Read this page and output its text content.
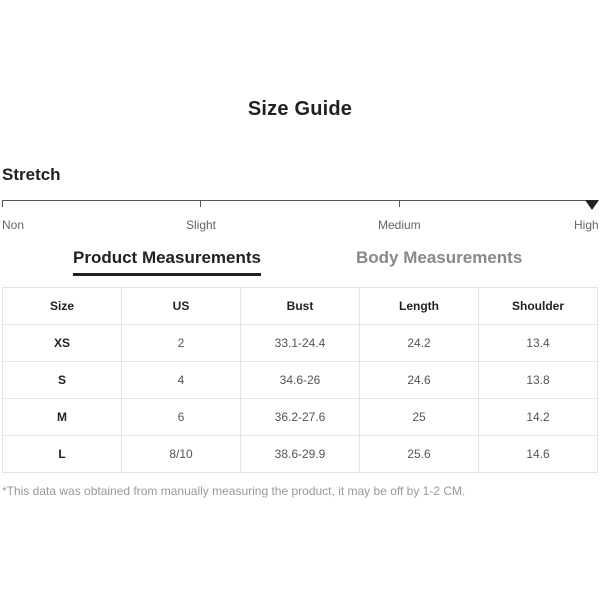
Size Guide
Stretch
Non	Slight	Medium	High
Product Measurements	Body Measurements
Size	US	Bust	Length	Shoulder
XS	2	33.1-24.4	24.2	13.4
S	4	34.6-26	24.6	13.8
M	6	36.2-27.6	25	14.2
L	8/10	38.6-29.9	25.6	14.6
*This data was obtained from manually measuring the product, it may be off by 1-2 CM.
